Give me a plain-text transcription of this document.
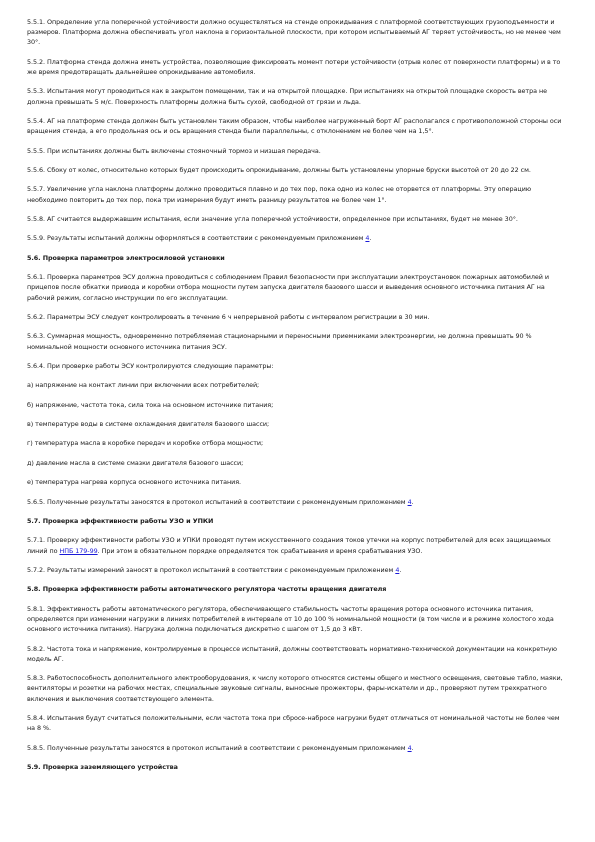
5.5.1. Определение угла поперечной устойчивости должно осуществляться на стенде опрокидывания с платформой соответствующих грузоподъемности и размеров. Платформа должна обеспечивать угол наклона в горизонтальной плоскости, при котором испытываемый АГ теряет устойчивость, но не менее чем 30°.

5.5.2. Платформа стенда должна иметь устройства, позволяющие фиксировать момент потери устойчивости (отрыв колес от поверхности платформы) и в то же время предотвращать дальнейшее опрокидывание автомобиля.

5.5.3. Испытания могут проводиться как в закрытом помещении, так и на открытой площадке. При испытаниях на открытой площадке скорость ветра не должна превышать 5 м/с. Поверхность платформы должна быть сухой, свободной от грязи и льда.

5.5.4. АГ на платформе стенда должен быть установлен таким образом, чтобы наиболее нагруженный борт АГ располагался с противоположной стороны оси вращения стенда, а его продольная ось и ось вращения стенда были параллельны, с отклонением не более чем на 1,5°.

5.5.5. При испытаниях должны быть включены стояночный тормоз и низшая передача.

5.5.6. Сбоку от колес, относительно которых будет происходить опрокидывание, должны быть установлены упорные бруски высотой от 20 до 22 см.

5.5.7. Увеличение угла наклона платформы должно проводиться плавно и до тех пор, пока одно из колес не оторвется от платформы. Эту операцию необходимо повторить до тех пор, пока три измерения будут иметь разницу результатов не более чем 1°.

5.5.8. АГ считается выдержавшим испытания, если значение угла поперечной устойчивости, определенное при испытаниях, будет не менее 30°.

5.5.9. Результаты испытаний должны оформляться в соответствии с рекомендуемым приложением 4.

5.6. Проверка параметров электросиловой установки

5.6.1. Проверка параметров ЭСУ должна проводиться с соблюдением Правил безопасности при эксплуатации электроустановок пожарных автомобилей и прицепов после обкатки привода и коробки отбора мощности путем запуска двигателя базового шасси и выведения основного источника питания АГ на рабочий режим, согласно инструкции по его эксплуатации.

5.6.2. Параметры ЭСУ следует контролировать в течение 6 ч непрерывной работы с интервалом регистрации в 30 мин.

5.6.3. Суммарная мощность, одновременно потребляемая стационарными и переносными приемниками электроэнергии, не должна превышать 90 % номинальной мощности основного источника питания ЭСУ.

5.6.4. При проверке работы ЭСУ контролируются следующие параметры:

а) напряжение на контакт линии при включении всех потребителей;

б) напряжение, частота тока, сила тока на основном источнике питания;

в) температуре воды в системе охлаждения двигателя базового шасси;

г) температура масла в коробке передач и коробке отбора мощности;

д) давление масла в системе смазки двигателя базового шасси;

е) температура нагрева корпуса основного источника питания.

5.6.5. Полученные результаты заносятся в протокол испытаний в соответствии с рекомендуемым приложением 4.

5.7. Проверка эффективности работы УЗО и УПКИ

5.7.1. Проверку эффективности работы УЗО и УПКИ проводят путем искусственного создания токов утечки на корпус потребителей для всех защищаемых линий по НПБ 179-99. При этом в обязательном порядке определяется ток срабатывания и время срабатывания УЗО.

5.7.2. Результаты измерений заносят в протокол испытаний в соответствии с рекомендуемым приложением 4.

5.8. Проверка эффективности работы автоматического регулятора частоты вращения двигателя

5.8.1. Эффективность работы автоматического регулятора, обеспечивающего стабильность частоты вращения ротора основного источника питания, определяется при изменении нагрузки в линиях потребителей в интервале от 10 до 100 % номинальной мощности (в том числе и в режиме холостого хода основного источника питания). Нагрузка должна подключаться дискретно с шагом от 1,5 до 3 кВт.

5.8.2. Частота тока и напряжение, контролируемые в процессе испытаний, должны соответствовать нормативно-технической документации на конкретную модель АГ.

5.8.3. Работоспособность дополнительного электрооборудования, к числу которого относятся системы общего и местного освещения, световые табло, маяки, вентиляторы и розетки на рабочих местах, специальные звуковые сигналы, выносные прожекторы, фары-искатели и др., проверяют путем трехкратного включения и выключения соответствующего элемента.

5.8.4. Испытания будут считаться положительными, если частота тока при сбросе-набросе нагрузки будет отличаться от номинальной частоты не более чем на 8 %.

5.8.5. Полученные результаты заносятся в протокол испытаний в соответствии с рекомендуемым приложением 4.

5.9. Проверка заземляющего устройства
